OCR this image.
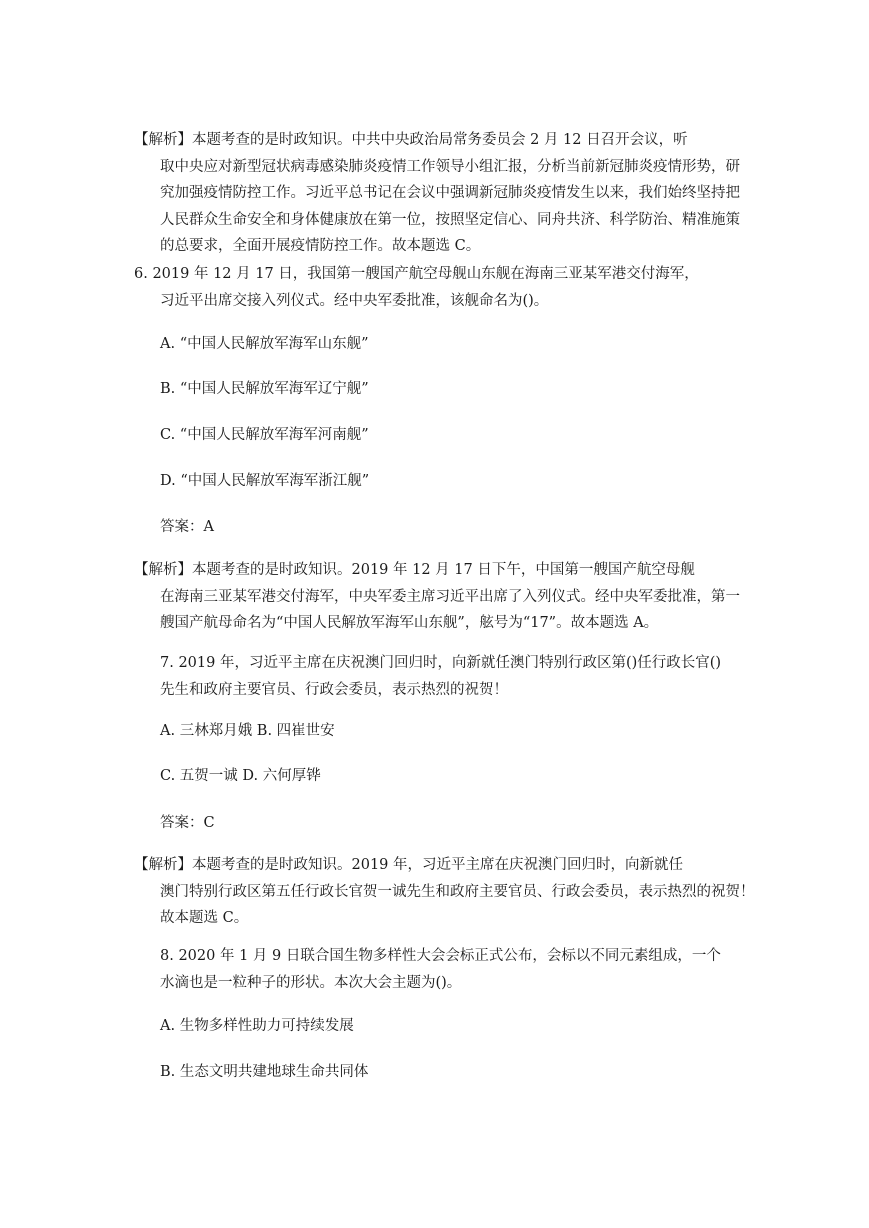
【解析】本题考查的是时政知识。中共中央政治局常务委员会 2 月 12 日召开会议，听
取中央应对新型冠状病毒感染肺炎疫情工作领导小组汇报，分析当前新冠肺炎疫情形势，研
究加强疫情防控工作。习近平总书记在会议中强调新冠肺炎疫情发生以来，我们始终坚持把
人民群众生命安全和身体健康放在第一位，按照坚定信心、同舟共济、科学防治、精准施策
的总要求，全面开展疫情防控工作。故本题选 C。
6. 2019 年 12 月 17 日，我国第一艘国产航空母舰山东舰在海南三亚某军港交付海军，
习近平出席交接入列仪式。经中央军委批准，该舰命名为()。
A. “中国人民解放军海军山东舰”
B. “中国人民解放军海军辽宁舰”
C. “中国人民解放军海军河南舰”
D. “中国人民解放军海军浙江舰”
答案：A
【解析】本题考查的是时政知识。2019 年 12 月 17 日下午，中国第一艘国产航空母舰
在海南三亚某军港交付海军，中央军委主席习近平出席了入列仪式。经中央军委批准，第一
艘国产航母命名为“中国人民解放军海军山东舰”，舷号为“17”。故本题选 A。
7. 2019 年，习近平主席在庆祝澳门回归时，向新就任澳门特别行政区第()任行政长官()
先生和政府主要官员、行政会委员，表示热烈的祝贺！
A. 三林郑月娥 B. 四崔世安
C. 五贺一诚 D. 六何厚铧
答案：C
【解析】本题考查的是时政知识。2019 年，习近平主席在庆祝澳门回归时，向新就任
澳门特别行政区第五任行政长官贺一诚先生和政府主要官员、行政会委员，表示热烈的祝贺！
故本题选 C。
8. 2020 年 1 月 9 日联合国生物多样性大会会标正式公布，会标以不同元素组成，一个
水滴也是一粒种子的形状。本次大会主题为()。
A. 生物多样性助力可持续发展
B. 生态文明共建地球生命共同体
